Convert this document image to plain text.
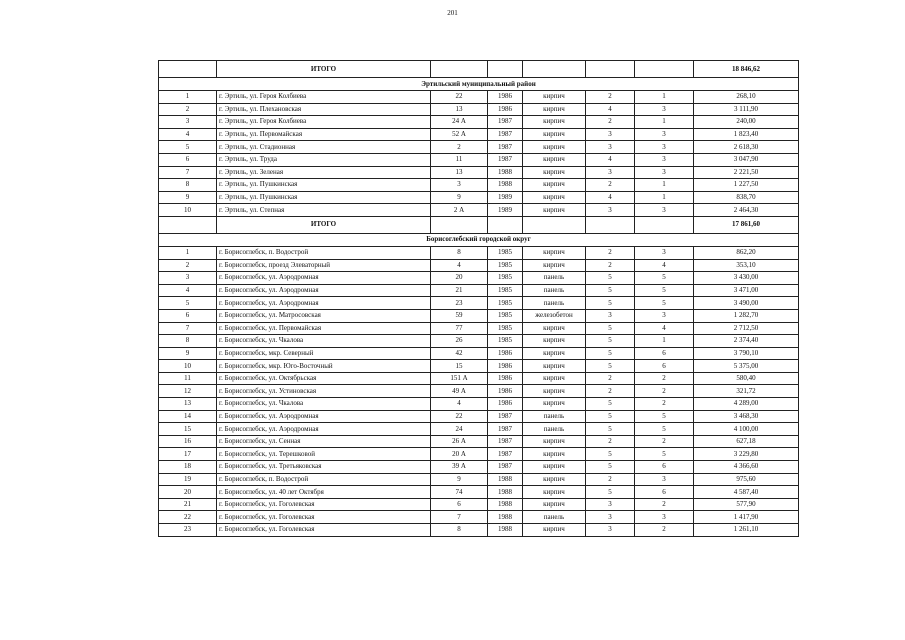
201
	ИТОГО						18 846,62
Эртильский муниципальный район							
1	г. Эртиль, ул. Героя Колбиева	22	1986	кирпич	2	1	268,10
2	г. Эртиль, ул. Плехановская	13	1986	кирпич	4	3	3 111,90
3	г. Эртиль, ул. Героя Колбиева	24 А	1987	кирпич	2	1	240,00
4	г. Эртиль, ул. Первомайская	52 А	1987	кирпич	3	3	1 823,40
5	г. Эртиль, ул. Стадионная	2	1987	кирпич	3	3	2 618,30
6	г. Эртиль, ул. Труда	11	1987	кирпич	4	3	3 047,90
7	г. Эртиль, ул. Зеленая	13	1988	кирпич	3	3	2 221,50
8	г. Эртиль, ул. Пушкинская	3	1988	кирпич	2	1	1 227,50
9	г. Эртиль, ул. Пушкинская	9	1989	кирпич	4	1	838,70
10	г. Эртиль, ул. Степная	2 А	1989	кирпич	3	3	2 464,30
	ИТОГО						17 861,60
Борисоглебский городской округ							
1	г. Борисоглебск, п. Водострой	8	1985	кирпич	2	3	862,20
2	г. Борисоглебск, проезд Элеваторный	4	1985	кирпич	2	4	353,10
3	г. Борисоглебск, ул. Аэродромная	20	1985	панель	5	5	3 430,00
4	г. Борисоглебск, ул. Аэродромная	21	1985	панель	5	5	3 471,00
5	г. Борисоглебск, ул. Аэродромная	23	1985	панель	5	5	3 490,00
6	г. Борисоглебск, ул. Матросовская	59	1985	железобетон	3	3	1 282,70
7	г. Борисоглебск, ул. Первомайская	77	1985	кирпич	5	4	2 712,50
8	г. Борисоглебск, ул. Чкалова	26	1985	кирпич	5	1	2 374,40
9	г. Борисоглебск, мкр. Северный	42	1986	кирпич	5	6	3 790,10
10	г. Борисоглебск, мкр. Юго-Восточный	15	1986	кирпич	5	6	5 375,00
11	г. Борисоглебск, ул. Октябрьская	151 А	1986	кирпич	2	2	580,40
12	г. Борисоглебск, ул. Устиновская	49 А	1986	кирпич	2	2	321,72
13	г. Борисоглебск, ул. Чкалова	4	1986	кирпич	5	2	4 289,00
14	г. Борисоглебск, ул. Аэродромная	22	1987	панель	5	5	3 468,30
15	г. Борисоглебск, ул. Аэродромная	24	1987	панель	5	5	4 100,00
16	г. Борисоглебск, ул. Сенная	26 А	1987	кирпич	2	2	627,18
17	г. Борисоглебск, ул. Терешковой	20 А	1987	кирпич	5	5	3 229,80
18	г. Борисоглебск, ул. Третьяковская	39 А	1987	кирпич	5	6	4 366,60
19	г. Борисоглебск, п. Водострой	9	1988	кирпич	2	3	975,60
20	г. Борисоглебск, ул. 40 лет Октября	74	1988	кирпич	5	6	4 587,40
21	г. Борисоглебск, ул. Гоголевская	6	1988	кирпич	3	2	577,90
22	г. Борисоглебск, ул. Гоголевская	7	1988	панель	3	3	1 417,90
23	г. Борисоглебск, ул. Гоголевская	8	1988	кирпич	3	2	1 261,10
